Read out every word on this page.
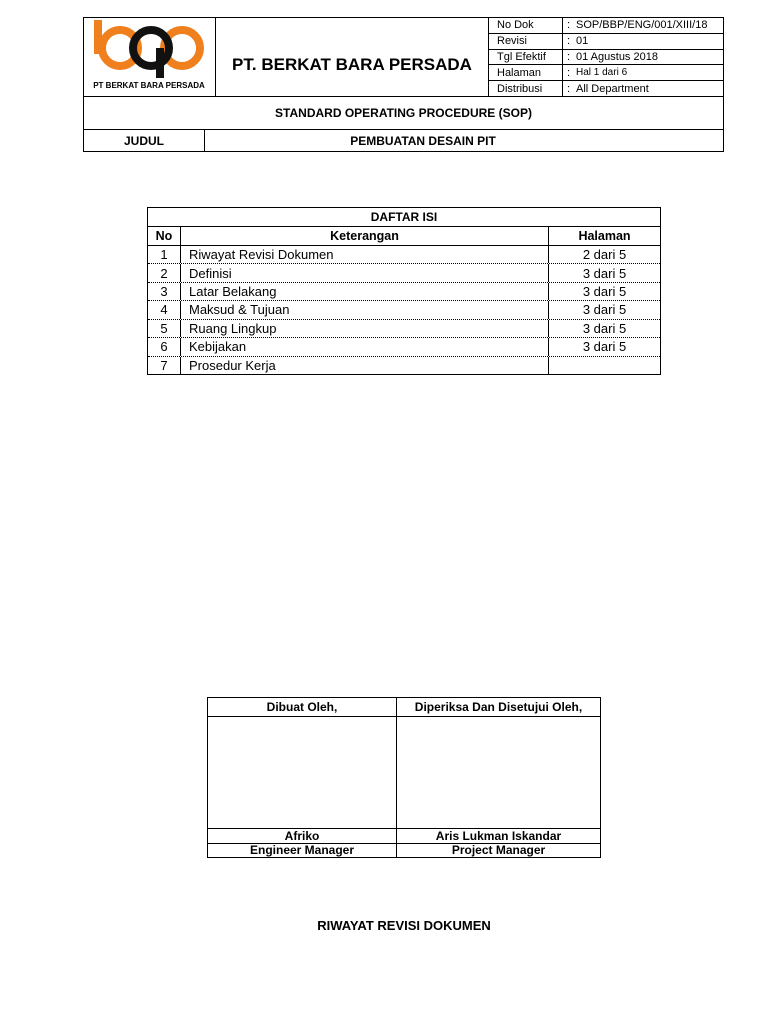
PT BERKAT BARA PERSADA
PT. BERKAT BARA PERSADA
No Dok	: SOP/BBP/ENG/001/XIII/18
Revisi	: 01
Tgl Efektif	: 01 Agustus 2018
Halaman	: Hal 1 dari 6
Distribusi	: All Department
STANDARD OPERATING PROCEDURE (SOP)
JUDUL	PEMBUATAN DESAIN PIT
DAFTAR ISI
No	Keterangan	Halaman
1	Riwayat Revisi Dokumen	2 dari 5
2	Definisi	3 dari 5
3	Latar Belakang	3 dari 5
4	Maksud & Tujuan	3 dari 5
5	Ruang Lingkup	3 dari 5
6	Kebijakan	3 dari 5
7	Prosedur Kerja
Dibuat Oleh,	Diperiksa Dan Disetujui Oleh,
Afriko	Aris Lukman Iskandar
Engineer Manager	Project Manager
RIWAYAT REVISI DOKUMEN
